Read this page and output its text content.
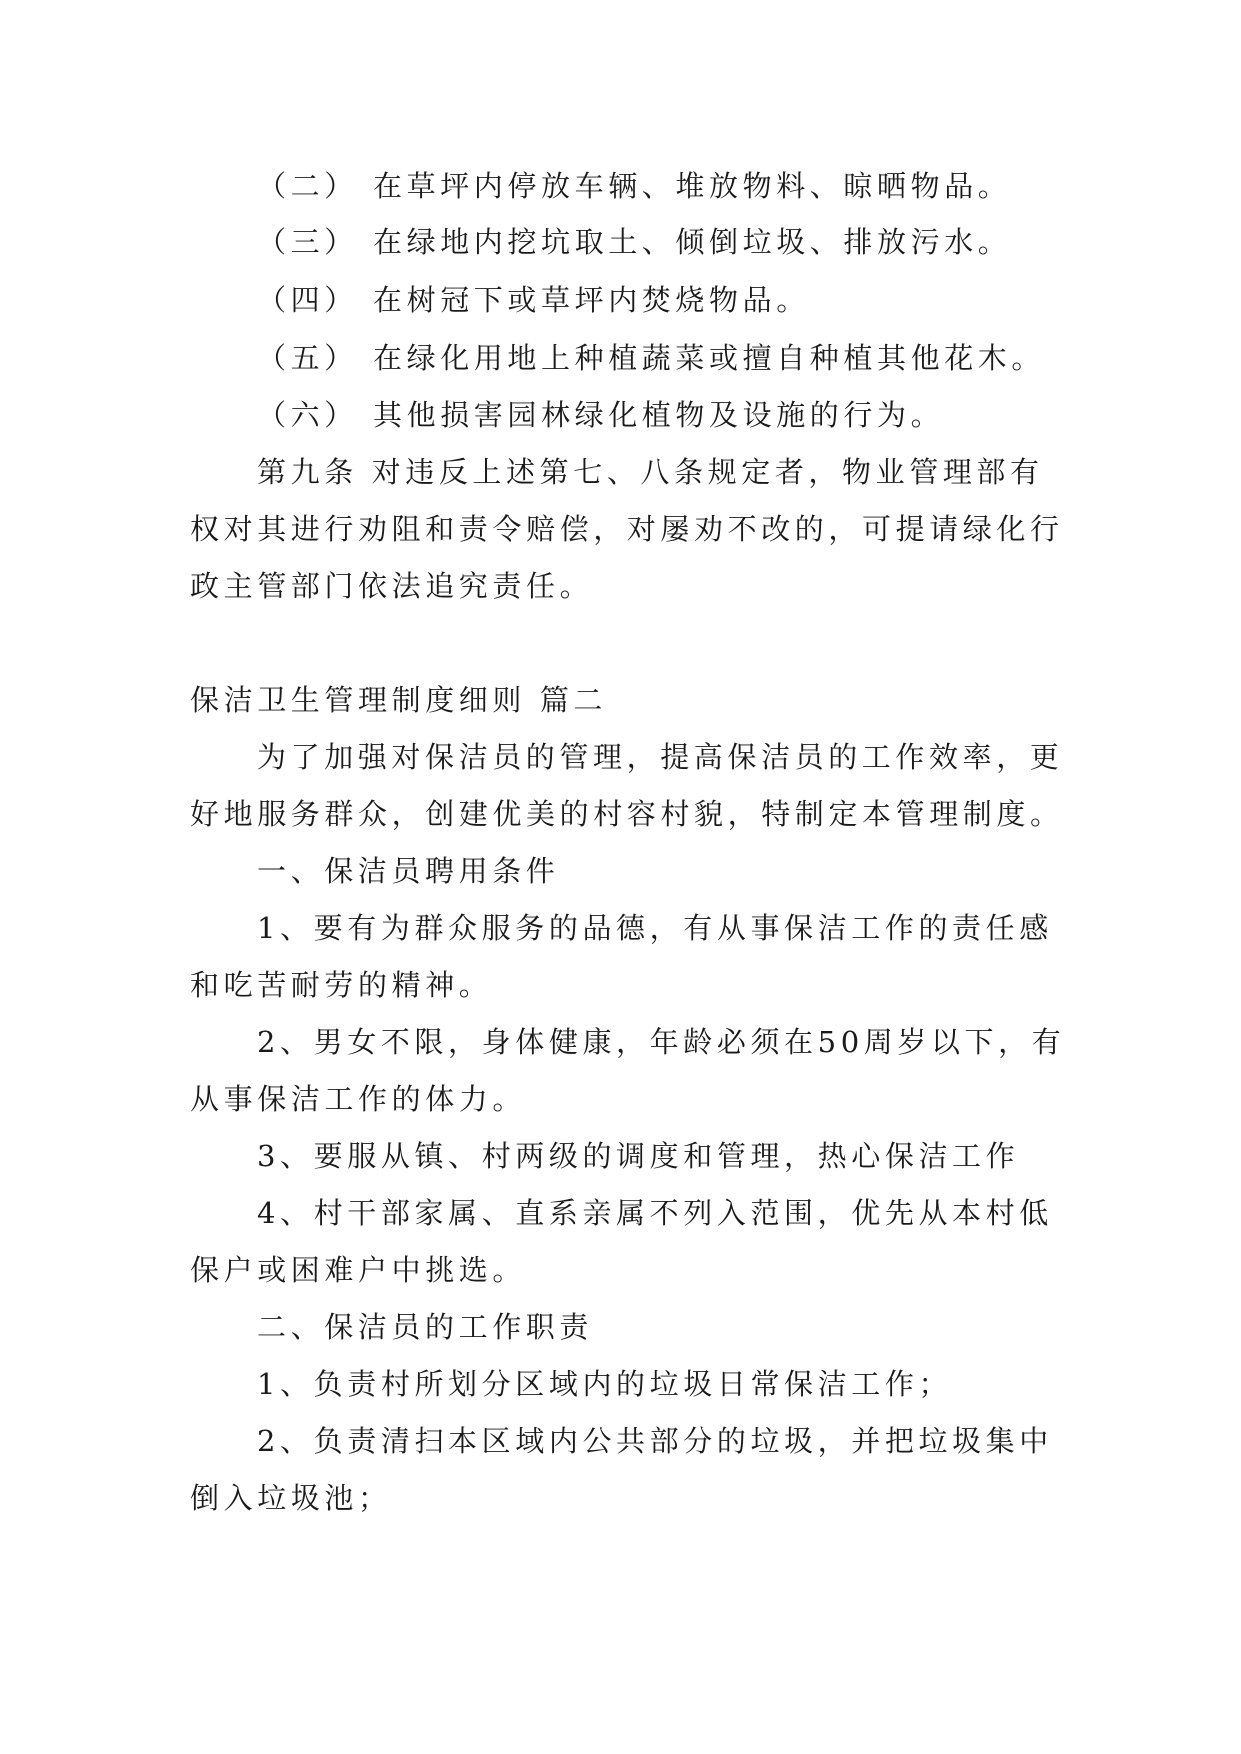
（二） 在草坪内停放车辆、堆放物料、晾晒物品。
（三） 在绿地内挖坑取土、倾倒垃圾、排放污水。
（四） 在树冠下或草坪内焚烧物品。
（五） 在绿化用地上种植蔬菜或擅自种植其他花木。
（六） 其他损害园林绿化植物及设施的行为。
第九条 对违反上述第七、八条规定者，物业管理部有
权对其进行劝阻和责令赔偿，对屡劝不改的，可提请绿化行
政主管部门依法追究责任。
保洁卫生管理制度细则 篇二
为了加强对保洁员的管理，提高保洁员的工作效率，更
好地服务群众，创建优美的村容村貌，特制定本管理制度。
一、保洁员聘用条件
1、要有为群众服务的品德，有从事保洁工作的责任感
和吃苦耐劳的精神。
2、男女不限，身体健康，年龄必须在50周岁以下，有
从事保洁工作的体力。
3、要服从镇、村两级的调度和管理，热心保洁工作
4、村干部家属、直系亲属不列入范围，优先从本村低
保户或困难户中挑选。
二、保洁员的工作职责
1、负责村所划分区域内的垃圾日常保洁工作；
2、负责清扫本区域内公共部分的垃圾，并把垃圾集中
倒入垃圾池；
